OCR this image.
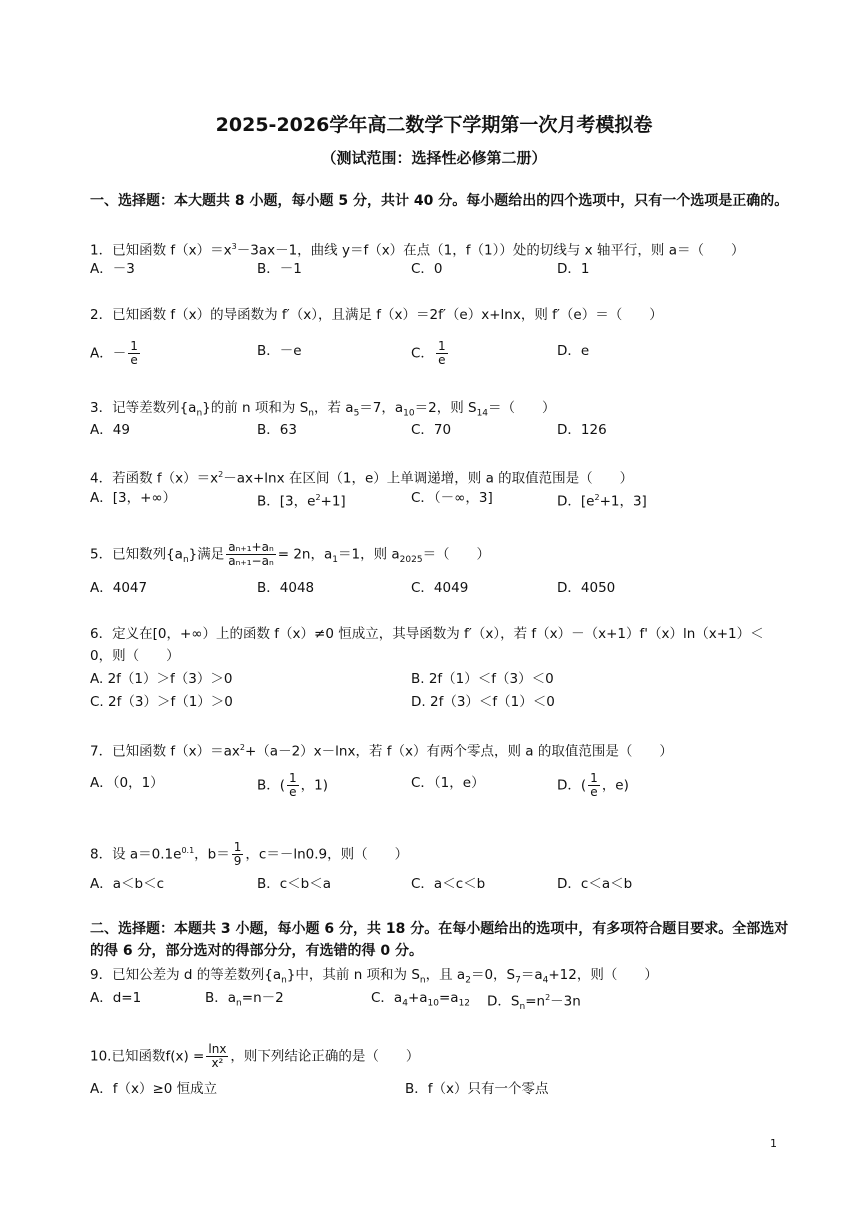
2025-2026学年高二数学下学期第一次月考模拟卷
（测试范围：选择性必修第二册）
一、选择题：本大题共 8 小题，每小题 5 分，共计 40 分。每小题给出的四个选项中，只有一个选项是正确的。
1．已知函数 $f(x)=x^3-3ax-1$，曲线 y＝f（x）在点（1，f（1））处的切线与 x 轴平行，则 a＝（　　）
A．－3	B．－1	C．0	D．1
2．已知函数 f（x）的导函数为 f′（x），且满足 f（x）＝2f′（e）x+lnx，则 f′（e）＝（　　）
A．－ $\frac{1}{e}$	B．－e	C． $\frac{1}{e}$	D．e
3．记等差数列$\{a_n\}$的前 n 项和为 $S_n$，若 $a_5=7$，$a_{10}=2$，则 $S_{14}=$（　　）
A．49	B．63	C．70	D．126
4．若函数 $f(x)=x^2-ax+\ln x$ 在区间（1，e）上单调递增，则 a 的取值范围是（　　）
A．[3，+∞）	B．[3，$e^2+1$]	C．（－∞，3]	D．[$e^2+1$，3]
5．已知数列$\{a_n\}$满足 $\frac{\text{aₙ₊₁+aₙ}}{\text{aₙ₊₁−aₙ}} = 2n$，$a_1=1$，则 $a_{2025}=$（　　）
A．4047	B．4048	C．4049	D．4050
6．定义在[0，+∞）上的函数 f（x）≠0 恒成立，其导函数为 f′（x），若 f（x）－（x+1）f'（x）ln（x+1）＜0，则（　　）
A. 2f（1）＞f（3）＞0	B. 2f（1）＜f（3）＜0
C. 2f（3）＞f（1）＞0	D. 2f（3）＜f（1）＜0
7．已知函数 $f(x)=ax^2+(a-2)x-\ln x$，若 f（x）有两个零点，则 a 的取值范围是（　　）
A．（0，1）	B．( $\frac{1}{e}$ ，1)	C．（1，e）	D．( $\frac{1}{e}$ ，e)
8．设 $a=0.1e^{0.1}$，$b= \frac{1}{9}$ ，c＝－ln0.9，则（　　）
A．a＜b＜c	B．c＜b＜a	C．a＜c＜b	D．c＜a＜b
二、选择题：本题共 3 小题，每小题 6 分，共 18 分。在每小题给出的选项中，有多项符合题目要求。全部选对的得 6 分，部分选对的得部分分，有选错的得 0 分。
9．已知公差为 d 的等差数列$\{a_n\}$中，其前 n 项和为 $S_n$，且 $a_2=0$，$S_7=a_4+12$，则（　　）
A．d=1	B．$a_n=n-2$	C．$a_4+a_{10}=a_{12}$ D．$S_n=n^2-3n$
10.已知函数$f(x) = \frac{\ln x}{\text{x²}}$ ，则下列结论正确的是（　　）
A．f（x）≥0 恒成立	B．f（x）只有一个零点
1
